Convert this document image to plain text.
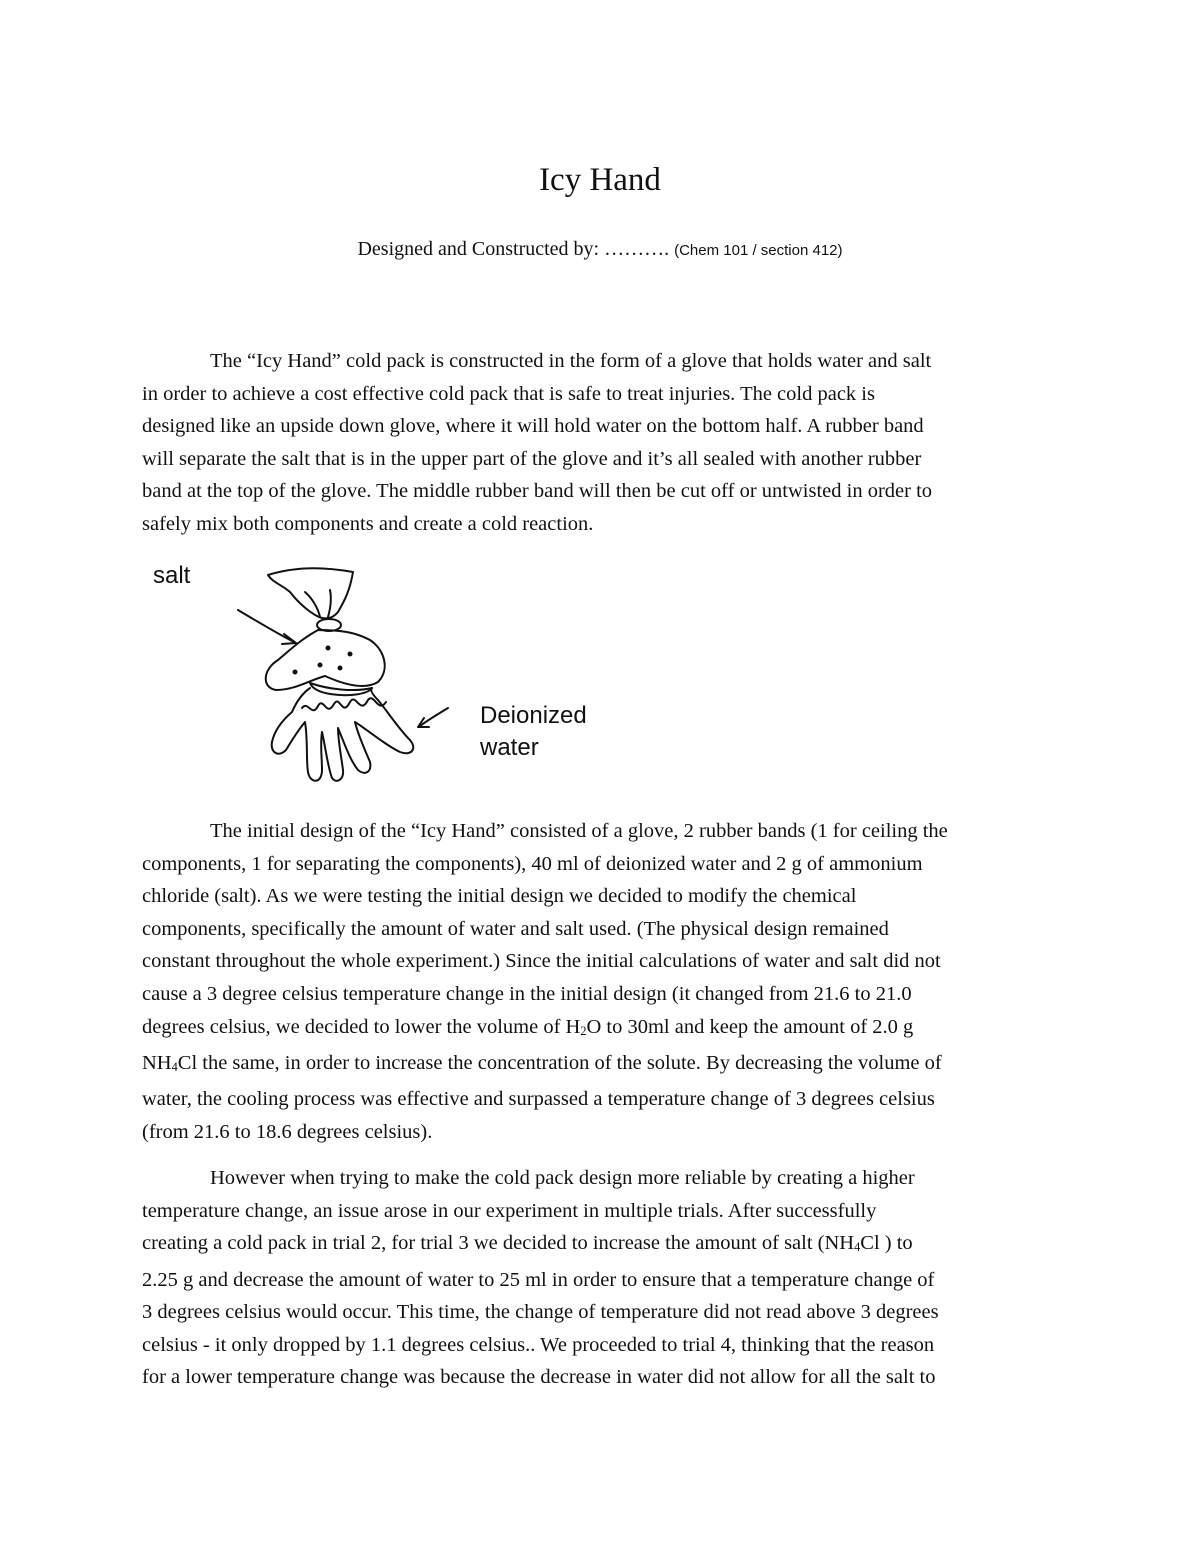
Icy Hand
Designed and Constructed by: ………. (Chem 101 / section 412)

The “Icy Hand” cold pack is constructed in the form of a glove that holds water and salt
in order to achieve a cost effective cold pack that is safe to treat injuries. The cold pack is
designed like an upside down glove, where it will hold water on the bottom half. A rubber band
will separate the salt that is in the upper part of the glove and it’s all sealed with another rubber
band at the top of the glove. The middle rubber band will then be cut off or untwisted in order to
safely mix both components and create a cold reaction.

salt
Deionized
water

The initial design of the “Icy Hand” consisted of a glove, 2 rubber bands (1 for ceiling the
components, 1 for separating the components), 40 ml of deionized water and 2 g of ammonium
chloride (salt). As we were testing the initial design we decided to modify the chemical
components, specifically the amount of water and salt used. (The physical design remained
constant throughout the whole experiment.) Since the initial calculations of water and salt did not
cause a 3 degree celsius temperature change in the initial design (it changed from 21.6 to 21.0
degrees celsius, we decided to lower the volume of H2O to 30ml and keep the amount of 2.0 g
NH4Cl the same, in order to increase the concentration of the solute. By decreasing the volume of
water, the cooling process was effective and surpassed a temperature change of 3 degrees celsius
(from 21.6 to 18.6 degrees celsius).

However when trying to make the cold pack design more reliable by creating a higher
temperature change, an issue arose in our experiment in multiple trials. After successfully
creating a cold pack in trial 2, for trial 3 we decided to increase the amount of salt (NH4Cl ) to
2.25 g and decrease the amount of water to 25 ml in order to ensure that a temperature change of
3 degrees celsius would occur. This time, the change of temperature did not read above 3 degrees
celsius - it only dropped by 1.1 degrees celsius.. We proceeded to trial 4, thinking that the reason
for a lower temperature change was because the decrease in water did not allow for all the salt to
